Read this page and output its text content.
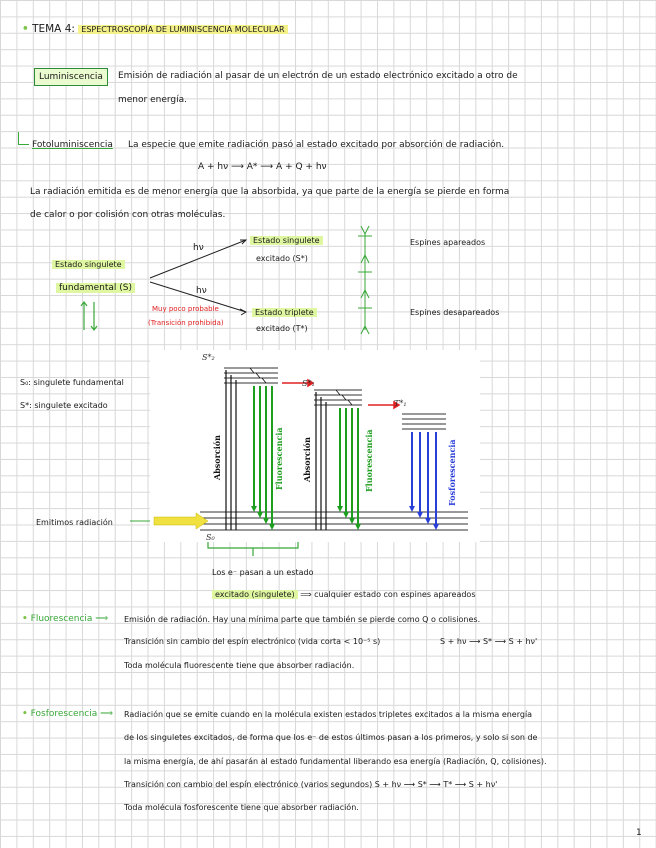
• TEMA 4: ESPECTROSCOPÍA DE LUMINISCENCIA MOLECULAR
Luminiscencia	Emisión de radiación al pasar de un electrón de un estado electrónico excitado a otro de
menor energía.
Fotoluminiscencia La especie que emite radiación pasó al estado excitado por absorción de radiación.
A + hν ⟶ A* ⟶ A + Q + hν
La radiación emitida es de menor energía que la absorbida, ya que parte de la energía se pierde en forma
de calor o por colisión con otras moléculas.
Estado singulete
fundamental (S)
hν
hν
Estado singulete
excitado (S*)
Estado triplete
excitado (T*)
Muy poco probable
(Transición prohibida)
Espines apareados
Espines desapareados
S₀: singulete fundamental
S*: singulete excitado
Emitimos radiación
S*₂
S*₁
T*₁
S₀
Absorción	Absorción
Fluorescencia	Fluorescencia	Fosforescencia
Los e⁻ pasan a un estado
excitado (singulete) ⟹ cualquier estado con espines apareados
• Fluorescencia ⟹ Emisión de radiación. Hay una mínima parte que también se pierde como Q o colisiones.
Transición sin cambio del espín electrónico (vida corta < 10⁻⁵ s)	S + hν ⟶ S* ⟶ S + hν'
Toda molécula fluorescente tiene que absorber radiación.
• Fosforescencia ⟹ Radiación que se emite cuando en la molécula existen estados tripletes excitados a la misma energía
de los singuletes excitados, de forma que los e⁻ de estos últimos pasan a los primeros, y solo si son de
la misma energía, de ahí pasarán al estado fundamental liberando esa energía (Radiación, Q, colisiones).
Transición con cambio del espín electrónico (varios segundos) S + hν ⟶ S* ⟶ T* ⟶ S + hν'
Toda molécula fosforescente tiene que absorber radiación.
1
